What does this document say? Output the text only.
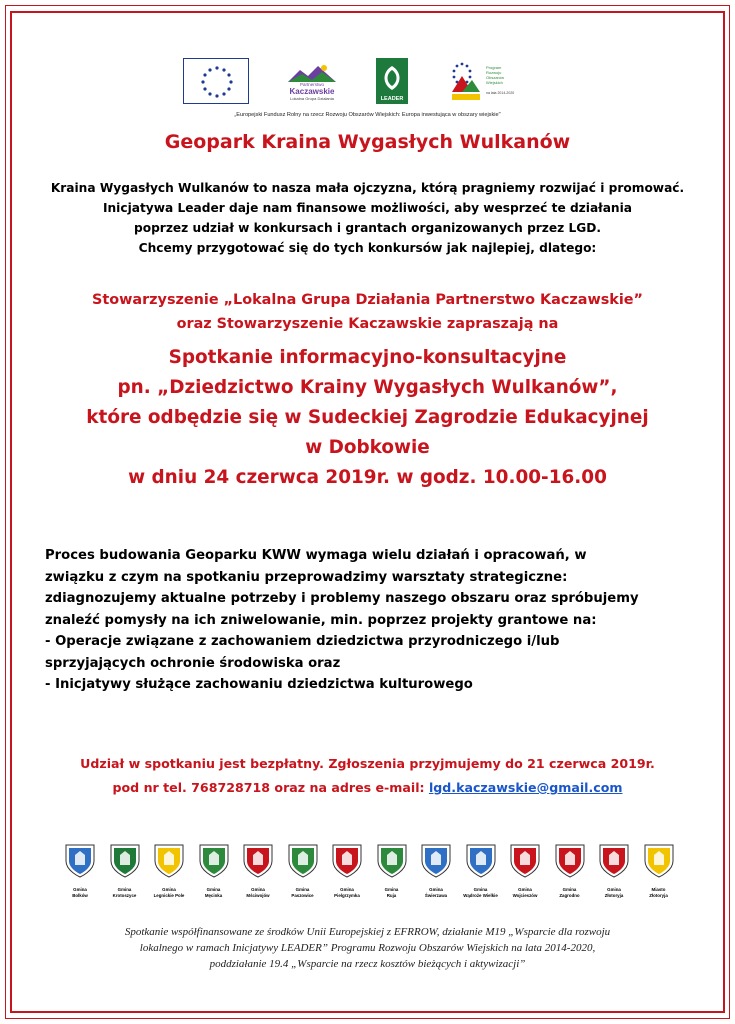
Partnerstwo
Kaczawskie
Lokalna Grupa Działania	LEADER
Program
Rozwoju
Obszarów
Wiejskich
na lata 2014-2020
„Europejski Fundusz Rolny na rzecz Rozwoju Obszarów Wiejskich: Europa inwestująca w obszary wiejskie"
Geopark Kraina Wygasłych Wulkanów
Kraina Wygasłych Wulkanów to nasza mała ojczyzna, którą pragniemy rozwijać i promować.
Inicjatywa Leader daje nam finansowe możliwości, aby wesprzeć te działania
poprzez udział w konkursach i grantach organizowanych przez LGD.
Chcemy przygotować się do tych konkursów jak najlepiej, dlatego:
Stowarzyszenie „Lokalna Grupa Działania Partnerstwo Kaczawskie”
oraz Stowarzyszenie Kaczawskie zapraszają na
Spotkanie informacyjno-konsultacyjne
pn. „Dziedzictwo Krainy Wygasłych Wulkanów”,
które odbędzie się w Sudeckiej Zagrodzie Edukacyjnej
w Dobkowie
w dniu 24 czerwca 2019r. w godz. 10.00-16.00
Proces budowania Geoparku KWW wymaga wielu działań i opracowań, w
związku z czym na spotkaniu przeprowadzimy warsztaty strategiczne:
zdiagnozujemy aktualne potrzeby i problemy naszego obszaru oraz spróbujemy
znaleźć pomysły na ich zniwelowanie, min. poprzez projekty grantowe na:
- Operacje związane z zachowaniem dziedzictwa przyrodniczego i/lub
sprzyjających ochronie środowiska oraz
- Inicjatywy służące zachowaniu dziedzictwa kulturowego
Udział w spotkaniu jest bezpłatny. Zgłoszenia przyjmujemy do 21 czerwca 2019r.
pod nr tel. 768728718 oraz na adres e-mail: lgd.kaczawskie@gmail.com
Gmina
Bolków
Gmina
Krotoszyce
Gmina
Legnickie Pole
Gmina
Męcinka
Gmina
Mściwojów
Gmina
Paszowice
Gmina
Pielgrzymka
Gmina
Ruja
Gmina
Świerzawa
Gmina
Wądroże Wielkie
Gmina
Wojcieszów
Gmina
Zagrodno
Gmina
Złotoryja
Miasto
Złotoryja
Spotkanie współfinansowane ze środków Unii Europejskiej z EFRROW, działanie M19 „Wsparcie dla rozwoju
lokalnego w ramach Inicjatywy LEADER” Programu Rozwoju Obszarów Wiejskich na lata 2014-2020,
poddziałanie 19.4 „Wsparcie na rzecz kosztów bieżących i aktywizacji”
